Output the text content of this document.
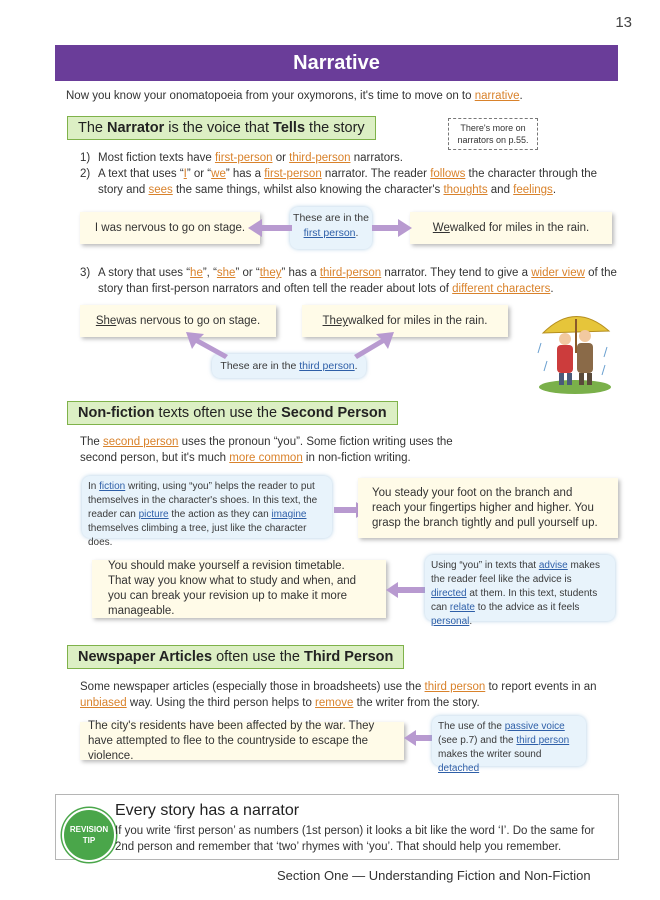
13
Narrative
Now you know your onomatopoeia from your oxymorons, it's time to move on to narrative.
The Narrator is the voice that Tells the story	There's more on narrators on p.55.
1) Most fiction texts have first-person or third-person narrators.
2) A text that uses “I” or “we” has a first-person narrator. The reader follows the character through the story and sees the same things, whilst also knowing the character's thoughts and feelings.
I was nervous to go on stage.
These are in the first person.	We walked for miles in the rain.
3) A story that uses “he”, “she” or “they” has a third-person narrator. They tend to give a wider view of the story than first-person narrators and often tell the reader about lots of different characters.
She was nervous to go on stage.	They walked for miles in the rain.
These are in the third person.
Non-fiction texts often use the Second Person
The second person uses the pronoun “you”. Some fiction writing uses the second person, but it's much more common in non-fiction writing.
In fiction writing, using “you” helps the reader to put themselves in the character's shoes. In this text, the reader can picture the action as they can imagine themselves climbing a tree, just like the character does.
You steady your foot on the branch and reach your fingertips higher and higher. You grasp the branch tightly and pull yourself up.
You should make yourself a revision timetable. That way you know what to study and when, and you can break your revision up to make it more manageable.
Using “you” in texts that advise makes the reader feel like the advice is directed at them. In this text, students can relate to the advice as it feels personal.
Newspaper Articles often use the Third Person
Some newspaper articles (especially those in broadsheets) use the third person to report events in an unbiased way. Using the third person helps to remove the writer from the story.
The city's residents have been affected by the war. They have attempted to flee to the countryside to escape the violence.
The use of the passive voice (see p.7) and the third person makes the writer sound detached
REVISION TIP
Every story has a narrator
If you write ‘first person’ as numbers (1st person) it looks a bit like the word ‘I’. Do the same for 2nd person and remember that ‘two’ rhymes with ‘you’. That should help you remember.
Section One — Understanding Fiction and Non-Fiction
